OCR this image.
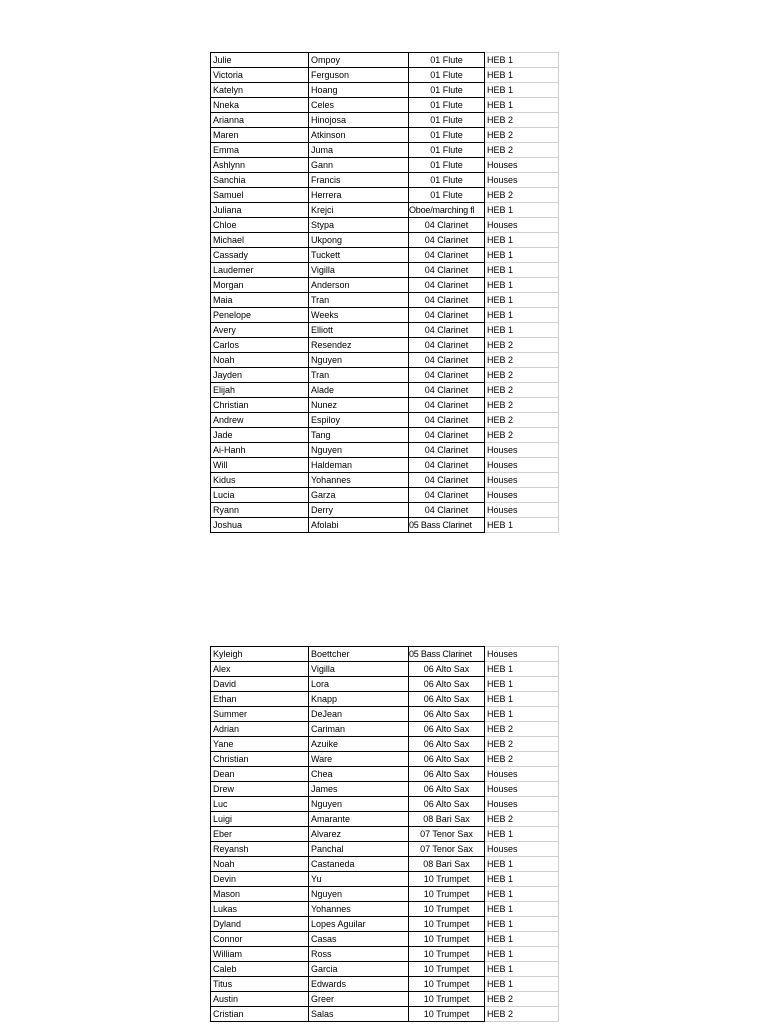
Julie	Ompoy	01 Flute	HEB 1
Victoria	Ferguson	01 Flute	HEB 1
Katelyn	Hoang	01 Flute	HEB 1
Nneka	Celes	01 Flute	HEB 1
Arianna	Hinojosa	01 Flute	HEB 2
Maren	Atkinson	01 Flute	HEB 2
Emma	Juma	01 Flute	HEB 2
Ashlynn	Gann	01 Flute	Houses
Sanchia	Francis	01 Flute	Houses
Samuel	Herrera	01 Flute	HEB 2
Juliana	Krejci	Oboe/marching fl	HEB 1
Chloe	Stypa	04 Clarinet	Houses
Michael	Ukpong	04 Clarinet	HEB 1
Cassady	Tuckett	04 Clarinet	HEB 1
Laudemer	Vigilla	04 Clarinet	HEB 1
Morgan	Anderson	04 Clarinet	HEB 1
Maia	Tran	04 Clarinet	HEB 1
Penelope	Weeks	04 Clarinet	HEB 1
Avery	Elliott	04 Clarinet	HEB 1
Carlos	Resendez	04 Clarinet	HEB 2
Noah	Nguyen	04 Clarinet	HEB 2
Jayden	Tran	04 Clarinet	HEB 2
Elijah	Alade	04 Clarinet	HEB 2
Christian	Nunez	04 Clarinet	HEB 2
Andrew	Espiloy	04 Clarinet	HEB 2
Jade	Tang	04 Clarinet	HEB 2
Ai-Hanh	Nguyen	04 Clarinet	Houses
Will	Haldeman	04 Clarinet	Houses
Kidus	Yohannes	04 Clarinet	Houses
Lucia	Garza	04 Clarinet	Houses
Ryann	Derry	04 Clarinet	Houses
Joshua	Afolabi	05 Bass Clarinet	HEB 1
Kyleigh	Boettcher	05 Bass Clarinet	Houses
Alex	Vigilla	06 Alto Sax	HEB 1
David	Lora	06 Alto Sax	HEB 1
Ethan	Knapp	06 Alto Sax	HEB 1
Summer	DeJean	06 Alto Sax	HEB 1
Adrian	Cariman	06 Alto Sax	HEB 2
Yane	Azuike	06 Alto Sax	HEB 2
Christian	Ware	06 Alto Sax	HEB 2
Dean	Chea	06 Alto Sax	Houses
Drew	James	06 Alto Sax	Houses
Luc	Nguyen	06 Alto Sax	Houses
Luigi	Amarante	08 Bari Sax	HEB 2
Eber	Alvarez	07 Tenor Sax	HEB 1
Reyansh	Panchal	07 Tenor Sax	Houses
Noah	Castaneda	08 Bari Sax	HEB 1
Devin	Yu	10 Trumpet	HEB 1
Mason	Nguyen	10 Trumpet	HEB 1
Lukas	Yohannes	10 Trumpet	HEB 1
Dyland	Lopes Aguilar	10 Trumpet	HEB 1
Connor	Casas	10 Trumpet	HEB 1
William	Ross	10 Trumpet	HEB 1
Caleb	Garcia	10 Trumpet	HEB 1
Titus	Edwards	10 Trumpet	HEB 1
Austin	Greer	10 Trumpet	HEB 2
Cristian	Salas	10 Trumpet	HEB 2
